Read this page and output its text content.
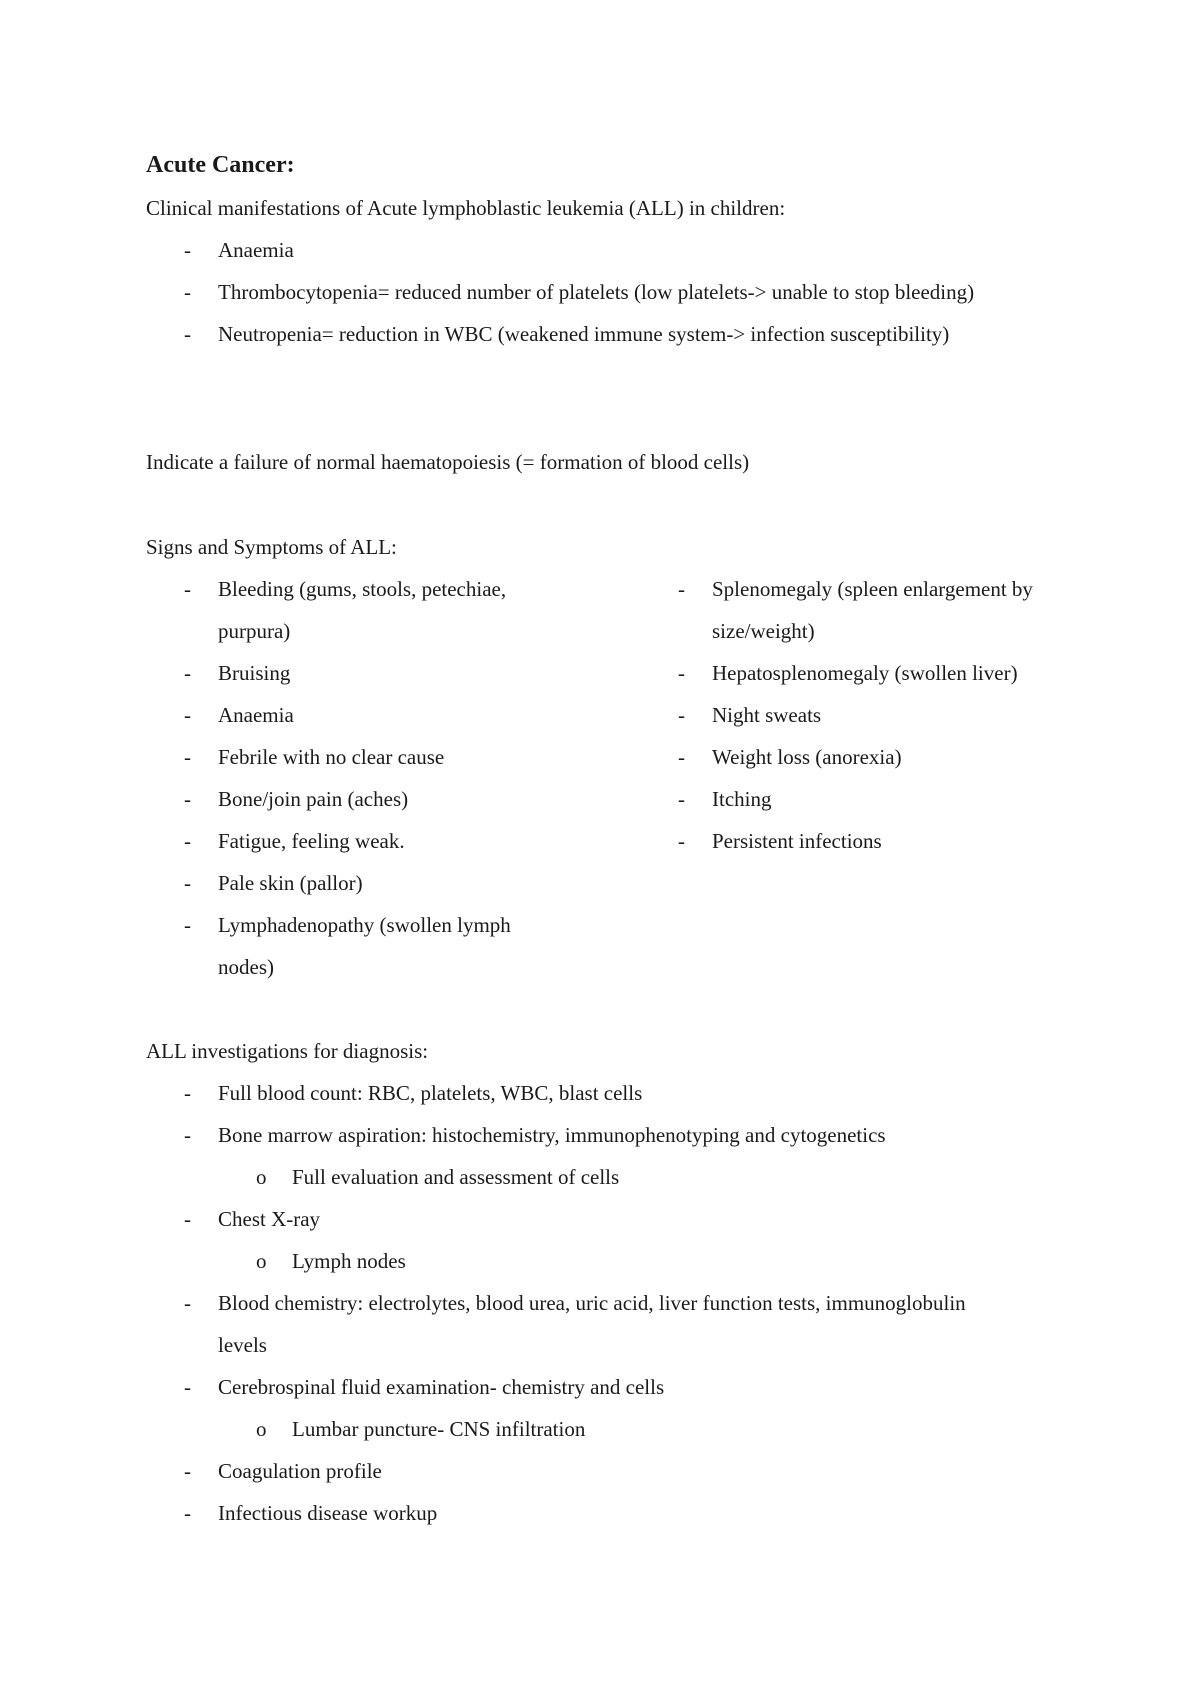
Acute Cancer:
Clinical manifestations of Acute lymphoblastic leukemia (ALL) in children:
- Anaemia
- Thrombocytopenia= reduced number of platelets (low platelets-> unable to stop bleeding)
- Neutropenia= reduction in WBC (weakened immune system-> infection susceptibility)
Indicate a failure of normal haematopoiesis (= formation of blood cells)
Signs and Symptoms of ALL:
- Bleeding (gums, stools, petechiae, purpura)
- Bruising
- Anaemia
- Febrile with no clear cause
- Bone/join pain (aches)
- Fatigue, feeling weak.
- Pale skin (pallor)
- Lymphadenopathy (swollen lymph nodes)
- Splenomegaly (spleen enlargement by size/weight)
- Hepatosplenomegaly (swollen liver)
- Night sweats
- Weight loss (anorexia)
- Itching
- Persistent infections
ALL investigations for diagnosis:
- Full blood count: RBC, platelets, WBC, blast cells
- Bone marrow aspiration: histochemistry, immunophenotyping and cytogenetics
o Full evaluation and assessment of cells
- Chest X-ray
o Lymph nodes
- Blood chemistry: electrolytes, blood urea, uric acid, liver function tests, immunoglobulin levels
- Cerebrospinal fluid examination- chemistry and cells
o Lumbar puncture- CNS infiltration
- Coagulation profile
- Infectious disease workup
